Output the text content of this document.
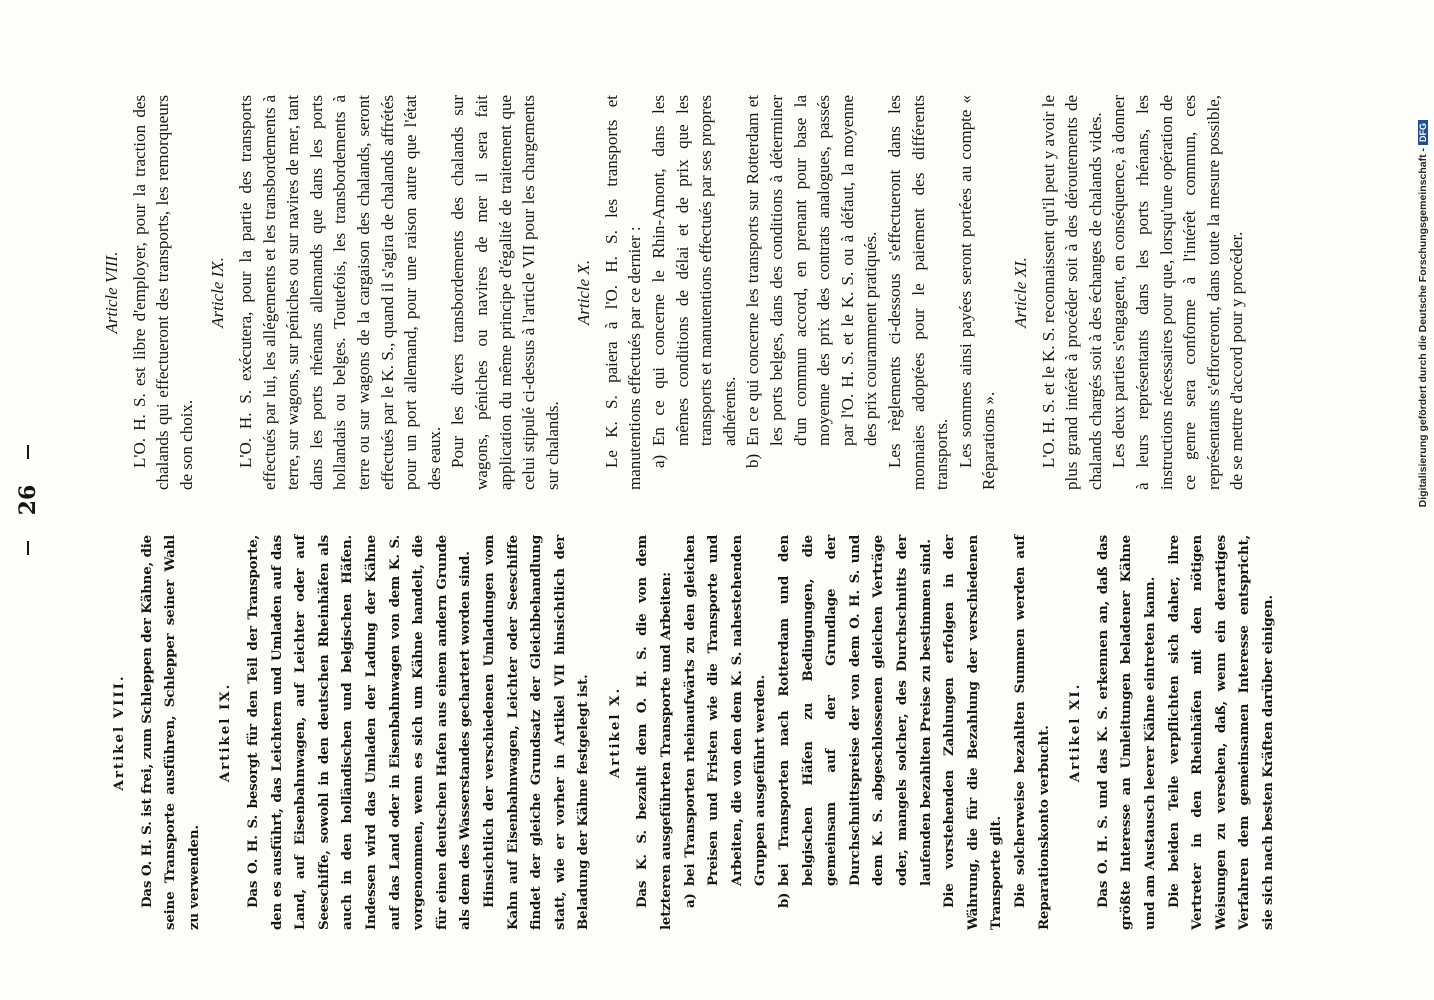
26
Artikel VIII. Das O. H. S. ist frei, zum Schleppen der Kähne, die seine Transporte ausführen, Schlepper seiner Wahl zu verwenden.

Artikel IX. Das O. H. S. besorgt für den Teil der Transporte, den es ausführt, das Leichtern und Umladen auf das Land, auf Eisenbahnwagen, auf Leichter oder auf Seeschiffe, sowohl in den deutschen Rheinhäfen als auch in den holländischen und belgischen Häfen. Indessen wird das Umladen der Ladung der Kähne auf das Land oder in Eisenbahnwagen von dem K. S. vorgenommen, wenn es sich um Kähne handelt, die für einen deutschen Hafen aus einem andern Grunde als dem des Wasserstandes gechartert worden sind. Hinsichtlich der verschiedenen Umladungen vom Kahn auf Eisenbahnwagen, Leichter oder Seeschiffe findet der gleiche Grundsatz der Gleichbehandlung statt, wie er vorher in Artikel VII hinsichtlich der Beladung der Kähne festgelegt ist.	Artikel X. Das K. S. bezahlt dem O. H. S. die von dem letzteren ausgeführten Transporte und Arbeiten: a)
bei Transporten rheinaufwärts zu den gleichen Preisen und Fristen wie die Transporte und Arbeiten, die von den dem K. S. nahestehenden Gruppen ausgeführt werden.
b)
bei Transporten nach Rotterdam und den belgischen Häfen zu Bedingungen, die gemeinsam auf der Grundlage der Durchschnittspreise der von dem O. H. S. und dem K. S. abgeschlossenen gleichen Verträge oder, mangels solcher, des Durchschnitts der laufenden bezahlten Preise zu bestimmen sind. Die vorstehenden Zahlungen erfolgen in der Währung, die für die Bezahlung der verschiedenen Transporte gilt. Die solcherweise bezahlten Summen werden auf Reparationskonto verbucht.	Artikel XI. Das O. H. S. und das K. S. erkennen an, daß das größte Interesse an Umleitungen beladener Kähne und am Austausch leerer Kähne eintreten kann. Die beiden Teile verpflichten sich daher, ihre Vertreter in den Rheinhäfen mit den nötigen Weisungen zu versehen, daß, wenn ein derartiges Verfahren dem gemeinsamen Interesse entspricht, sie sich nach besten Kräften darüber einigen.

Article VIII. L'O. H. S. est libre d'employer, pour la traction des chalands qui effectueront des transports, les remorqueurs de son choix.

Article IX. L'O. H. S. exécutera, pour la partie des transports effectués par lui, les allégements et les transbordements à terre, sur wagons, sur péniches ou sur navires de mer, tant dans les ports rhénans allemands que dans les ports hollandais ou belges. Toutefois, les transbordements à terre ou sur wagons de la cargaison des chalands, seront effectués par le K. S., quand il s'agira de chalands affrétés pour un port allemand, pour une raison autre que l'état des eaux. Pour les divers transbordements des chalands sur wagons, péniches ou navires de mer il sera fait application du même principe d'égalité de traitement que celui stipulé ci-dessus à l'article VII pour les chargements sur chalands.

Article X. Le K. S. paiera à l'O. H. S. les transports et manutentions effectués par ce dernier : a)
En ce qui concerne le Rhin-Amont, dans les mêmes conditions de délai et de prix que les transports et manutentions effectués par ses propres adhérents.
b)
En ce qui concerne les transports sur Rotterdam et les ports belges, dans des conditions à déterminer d'un commun accord, en prenant pour base la moyenne des prix des contrats analogues, passés par l'O. H. S. et le K. S. ou à défaut, la moyenne des prix couramment pratiqués. Les règlements ci-dessous s'effectueront dans les monnaies adoptées pour le paiement des différents transports. Les sommes ainsi payées seront portées au compte « Réparations ».

Article XI. L'O. H. S. et le K. S. reconnaissent qu'il peut y avoir le plus grand intérêt à procéder soit à des déroutements de chalands chargés soit à des échanges de chalands vides. Les deux parties s'engagent, en conséquence, à donner à leurs représentants dans les ports rhénans, les instructions nécessaires pour que, lorsqu'une opération de ce genre sera conforme à l'intérêt commun, ces représentants s'efforceront, dans toute la mesure possible, de se mettre d'accord pour y procéder.	Digitalisierung gefördert durch die Deutsche Forschungsgemeinschaft -DFG
